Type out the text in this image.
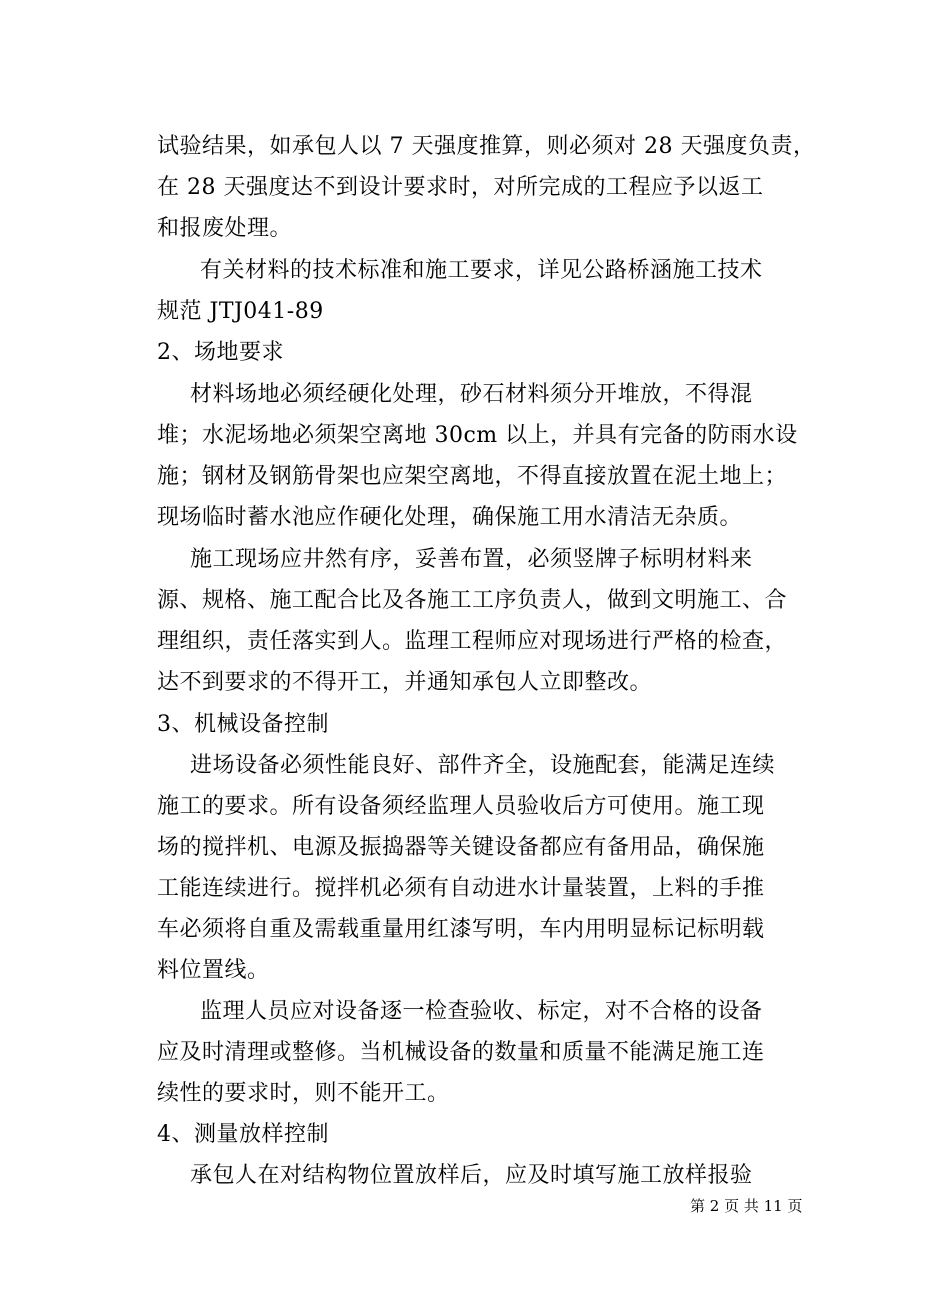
试验结果，如承包人以 7 天强度推算，则必须对 28 天强度负责，
在 28 天强度达不到设计要求时，对所完成的工程应予以返工
和报废处理。
有关材料的技术标准和施工要求，详见公路桥涵施工技术
规范 JTJ041-89
2、场地要求
材料场地必须经硬化处理，砂石材料须分开堆放，不得混
堆；水泥场地必须架空离地 30cm 以上，并具有完备的防雨水设
施；钢材及钢筋骨架也应架空离地，不得直接放置在泥土地上；
现场临时蓄水池应作硬化处理，确保施工用水清洁无杂质。
施工现场应井然有序，妥善布置，必须竖牌子标明材料来
源、规格、施工配合比及各施工工序负责人，做到文明施工、合
理组织，责任落实到人。监理工程师应对现场进行严格的检查，
达不到要求的不得开工，并通知承包人立即整改。
3、机械设备控制
进场设备必须性能良好、部件齐全，设施配套，能满足连续
施工的要求。所有设备须经监理人员验收后方可使用。施工现
场的搅拌机、电源及振捣器等关键设备都应有备用品，确保施
工能连续进行。搅拌机必须有自动进水计量装置，上料的手推
车必须将自重及需载重量用红漆写明，车内用明显标记标明载
料位置线。
监理人员应对设备逐一检查验收、标定，对不合格的设备
应及时清理或整修。当机械设备的数量和质量不能满足施工连
续性的要求时，则不能开工。
4、测量放样控制
承包人在对结构物位置放样后，应及时填写施工放样报验
第 2 页 共 11 页
